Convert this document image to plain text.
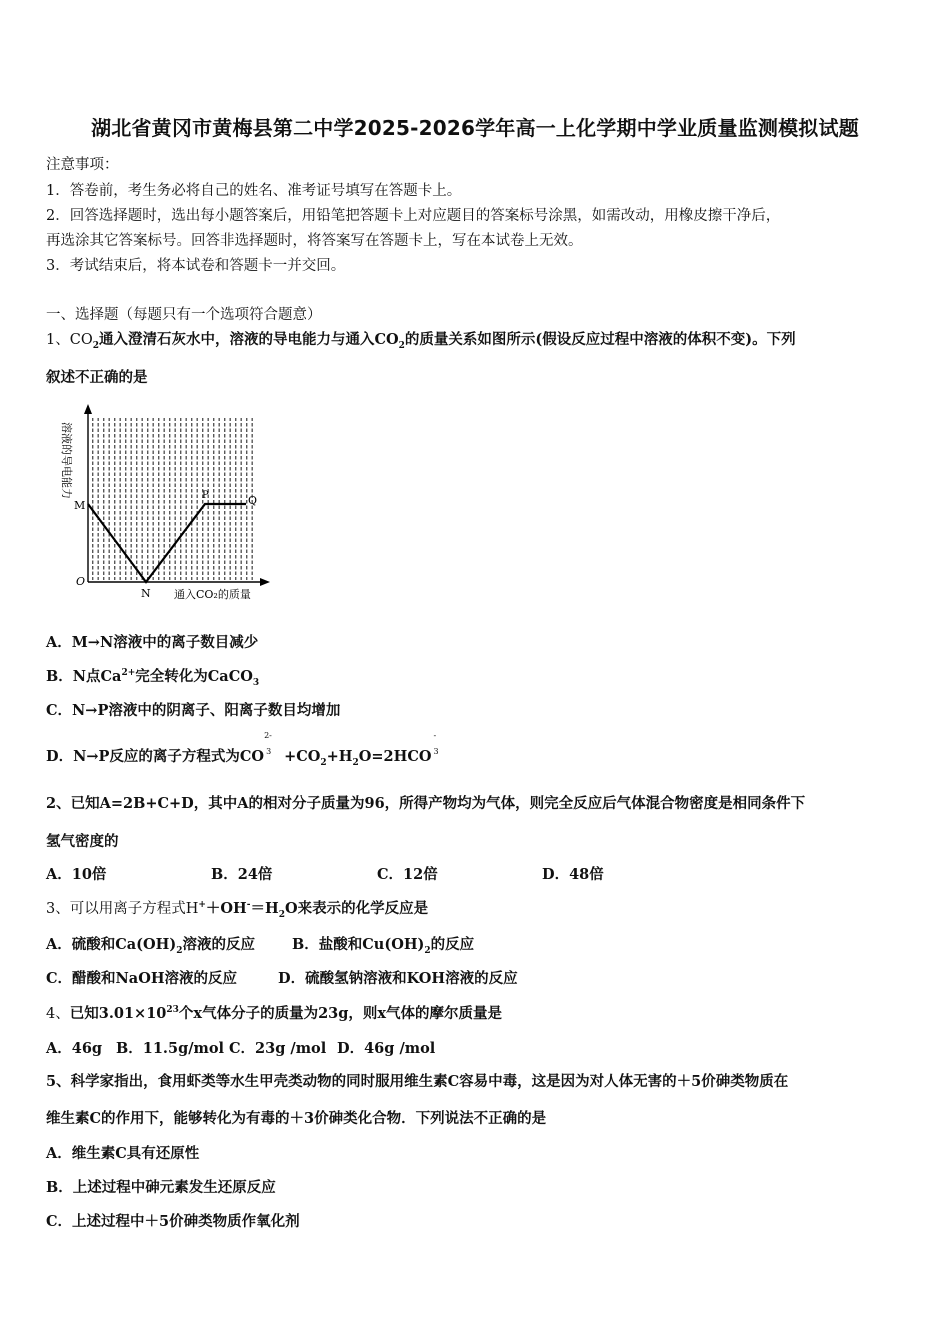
湖北省黄冈市黄梅县第二中学2025-2026学年高一上化学期中学业质量监测模拟试题
注意事项：
1．答卷前，考生务必将自己的姓名、准考证号填写在答题卡上。
2．回答选择题时，选出每小题答案后，用铅笔把答题卡上对应题目的答案标号涂黑，如需改动，用橡皮擦干净后，
再选涂其它答案标号。回答非选择题时，将答案写在答题卡上，写在本试卷上无效。
3．考试结束后，将本试卷和答题卡一并交回。
一、选择题（每题只有一个选项符合题意）
1、$CO_2$通入澄清石灰水中，溶液的导电能力与通入$CO_2$的质量关系如图所示(假设反应过程中溶液的体积不变)。下列
叙述不正确的是
溶液的导电能力
M
O
N
P	Q
通入CO₂的质量
A．M→N溶液中的离子数目减少
B．N点$Ca^{2+}$完全转化为CaCO$_3$
C．N→P溶液中的阴离子、阳离子数目均增加
D．N→P反应的离子方程式为CO
2-
$3 +CO_2+H_2O=2HCO$
-
3
2、已知A=2B+C+D，其中A的相对分子质量为96，所得产物均为气体，则完全反应后气体混合物密度是相同条件下
氢气密度的
A．10倍	B．24倍	C．12倍	D．48倍
3、可以用离子方程式$H^++OH^-=H_2O$来表示的化学反应是
A．硫酸和$Ca(OH)_2$溶液的反应	B．盐酸和$Cu(OH)_2$的反应
C．醋酸和NaOH溶液的反应	D．硫酸氢钠溶液和KOH溶液的反应
4、已知$3.01\times 10^{23}$个x气体分子的质量为23g，则x气体的摩尔质量是
A．46g B．11.5g/mol C．23g /mol D．46g /mol
5、科学家指出，食用虾类等水生甲壳类动物的同时服用维生素C容易中毒，这是因为对人体无害的＋5价砷类物质在
维生素C的作用下，能够转化为有毒的＋3价砷类化合物．下列说法不正确的是
A．维生素C具有还原性
B．上述过程中砷元素发生还原反应
C．上述过程中＋5价砷类物质作氧化剂
